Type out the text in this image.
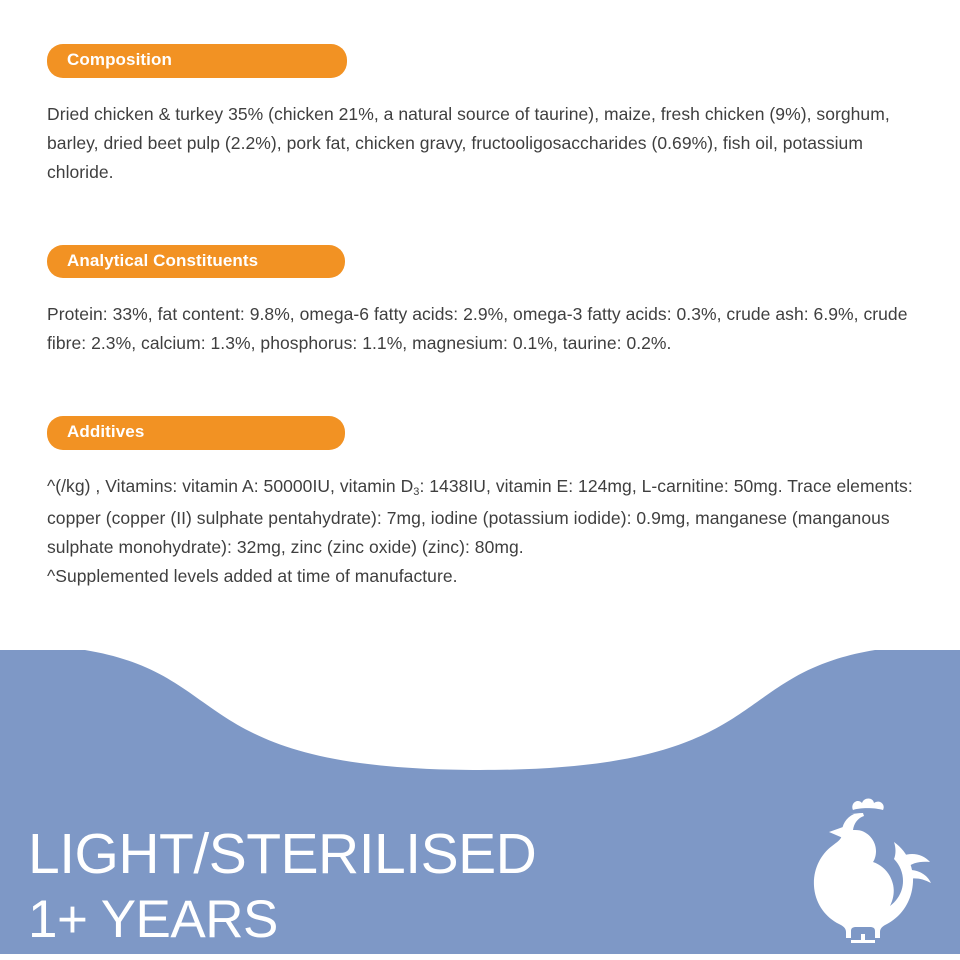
Composition

Dried chicken & turkey 35% (chicken 21%, a natural source of taurine), maize, fresh chicken (9%), sorghum, barley, dried beet pulp (2.2%), pork fat, chicken gravy, fructooligosaccharides (0.69%), fish oil, potassium chloride.

Analytical Constituents

Protein: 33%, fat content: 9.8%, omega-6 fatty acids: 2.9%, omega-3 fatty acids: 0.3%, crude ash: 6.9%, crude fibre: 2.3%, calcium: 1.3%, phosphorus: 1.1%, magnesium: 0.1%, taurine: 0.2%.

Additives

^(/kg) , Vitamins: vitamin A: 50000IU, vitamin $D_3$: 1438IU, vitamin E: 124mg, L-carnitine: 50mg. Trace elements: copper (copper (II) sulphate pentahydrate): 7mg, iodine (potassium iodide): 0.9mg, manganese (manganous sulphate monohydrate): 32mg, zinc (zinc oxide) (zinc): 80mg.

^Supplemented levels added at time of manufacture.

LIGHT/STERILISED
1+ YEARS
